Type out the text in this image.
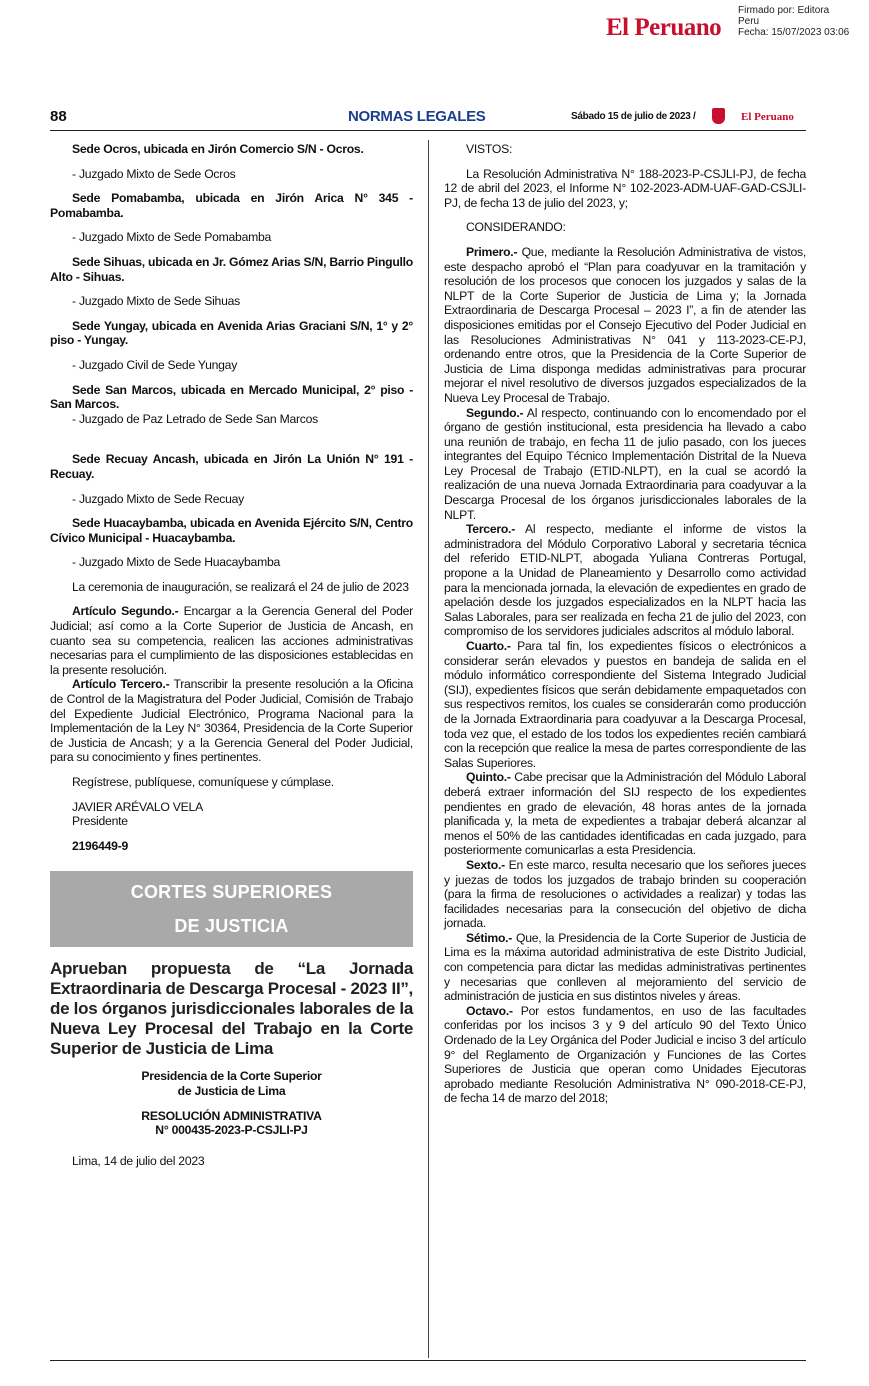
El Peruano
Firmado por: Editora
Peru
Fecha: 15/07/2023 03:06
88	NORMAS LEGALES	Sábado 15 de julio de 2023 /	El Peruano

Sede Ocros, ubicada en Jirón Comercio S/N - Ocros.

- Juzgado Mixto de Sede Ocros

Sede Pomabamba, ubicada en Jirón Arica N° 345 - Pomabamba.

- Juzgado Mixto de Sede Pomabamba

Sede Sihuas, ubicada en Jr. Gómez Arias S/N, Barrio Pingullo Alto - Sihuas.

- Juzgado Mixto de Sede Sihuas

Sede Yungay, ubicada en Avenida Arias Graciani S/N, 1° y 2° piso - Yungay.

- Juzgado Civil de Sede Yungay

Sede San Marcos, ubicada en Mercado Municipal, 2° piso - San Marcos.

- Juzgado de Paz Letrado de Sede San Marcos

Sede Recuay Ancash, ubicada en Jirón La Unión N° 191 - Recuay.

- Juzgado Mixto de Sede Recuay

Sede Huacaybamba, ubicada en Avenida Ejército S/N, Centro Cívico Municipal - Huacaybamba.

- Juzgado Mixto de Sede Huacaybamba

La ceremonia de inauguración, se realizará el 24 de julio de 2023

Artículo Segundo.- Encargar a la Gerencia General del Poder Judicial; así como a la Corte Superior de Justicia de Ancash, en cuanto sea su competencia, realicen las acciones administrativas necesarias para el cumplimiento de las disposiciones establecidas en la presente resolución.

Artículo Tercero.- Transcribir la presente resolución a la Oficina de Control de la Magistratura del Poder Judicial, Comisión de Trabajo del Expediente Judicial Electrónico, Programa Nacional para la Implementación de la Ley N° 30364, Presidencia de la Corte Superior de Justicia de Ancash; y a la Gerencia General del Poder Judicial, para su conocimiento y fines pertinentes.

Regístrese, publíquese, comuníquese y cúmplase.

JAVIER ARÉVALO VELA

Presidente

2196449-9

CORTES SUPERIORES
DE JUSTICIA

Aprueban propuesta de “La Jornada Extraordinaria de Descarga Procesal - 2023 II”, de los órganos jurisdiccionales laborales de la Nueva Ley Procesal del Trabajo en la Corte Superior de Justicia de Lima

Presidencia de la Corte Superior

de Justicia de Lima

RESOLUCIÓN ADMINISTRATIVA

N° 000435-2023-P-CSJLI-PJ

Lima, 14 de julio del 2023

VISTOS:

La Resolución Administrativa N° 188-2023-P-CSJLI-PJ, de fecha 12 de abril del 2023, el Informe N° 102-2023-ADM-UAF-GAD-CSJLI-PJ, de fecha 13 de julio del 2023, y;

CONSIDERANDO:

Primero.- Que, mediante la Resolución Administrativa de vistos, este despacho aprobó el “Plan para coadyuvar en la tramitación y resolución de los procesos que conocen los juzgados y salas de la NLPT de la Corte Superior de Justicia de Lima y; la Jornada Extraordinaria de Descarga Procesal – 2023 I”, a fin de atender las disposiciones emitidas por el Consejo Ejecutivo del Poder Judicial en las Resoluciones Administrativas N° 041 y 113-2023-CE-PJ, ordenando entre otros, que la Presidencia de la Corte Superior de Justicia de Lima disponga medidas administrativas para procurar mejorar el nivel resolutivo de diversos juzgados especializados de la Nueva Ley Procesal de Trabajo.

Segundo.- Al respecto, continuando con lo encomendado por el órgano de gestión institucional, esta presidencia ha llevado a cabo una reunión de trabajo, en fecha 11 de julio pasado, con los jueces integrantes del Equipo Técnico Implementación Distrital de la Nueva Ley Procesal de Trabajo (ETID-NLPT), en la cual se acordó la realización de una nueva Jornada Extraordinaria para coadyuvar a la Descarga Procesal de los órganos jurisdiccionales laborales de la NLPT.

Tercero.- Al respecto, mediante el informe de vistos la administradora del Módulo Corporativo Laboral y secretaria técnica del referido ETID-NLPT, abogada Yuliana Contreras Portugal, propone a la Unidad de Planeamiento y Desarrollo como actividad para la mencionada jornada, la elevación de expedientes en grado de apelación desde los juzgados especializados en la NLPT hacia las Salas Laborales, para ser realizada en fecha 21 de julio del 2023, con compromiso de los servidores judiciales adscritos al módulo laboral.

Cuarto.- Para tal fin, los expedientes físicos o electrónicos a considerar serán elevados y puestos en bandeja de salida en el módulo informático correspondiente del Sistema Integrado Judicial (SIJ), expedientes físicos que serán debidamente empaquetados con sus respectivos remitos, los cuales se considerarán como producción de la Jornada Extraordinaria para coadyuvar a la Descarga Procesal, toda vez que, el estado de los todos los expedientes recién cambiará con la recepción que realice la mesa de partes correspondiente de las Salas Superiores.

Quinto.- Cabe precisar que la Administración del Módulo Laboral deberá extraer información del SIJ respecto de los expedientes pendientes en grado de elevación, 48 horas antes de la jornada planificada y, la meta de expedientes a trabajar deberá alcanzar al menos el 50% de las cantidades identificadas en cada juzgado, para posteriormente comunicarlas a esta Presidencia.

Sexto.- En este marco, resulta necesario que los señores jueces y juezas de todos los juzgados de trabajo brinden su cooperación (para la firma de resoluciones o actividades a realizar) y todas las facilidades necesarias para la consecución del objetivo de dicha jornada.

Sétimo.- Que, la Presidencia de la Corte Superior de Justicia de Lima es la máxima autoridad administrativa de este Distrito Judicial, con competencia para dictar las medidas administrativas pertinentes y necesarias que conlleven al mejoramiento del servicio de administración de justicia en sus distintos niveles y áreas.

Octavo.- Por estos fundamentos, en uso de las facultades conferidas por los incisos 3 y 9 del artículo 90 del Texto Único Ordenado de la Ley Orgánica del Poder Judicial e inciso 3 del artículo 9° del Reglamento de Organización y Funciones de las Cortes Superiores de Justicia que operan como Unidades Ejecutoras aprobado mediante Resolución Administrativa N° 090-2018-CE-PJ, de fecha 14 de marzo del 2018;
